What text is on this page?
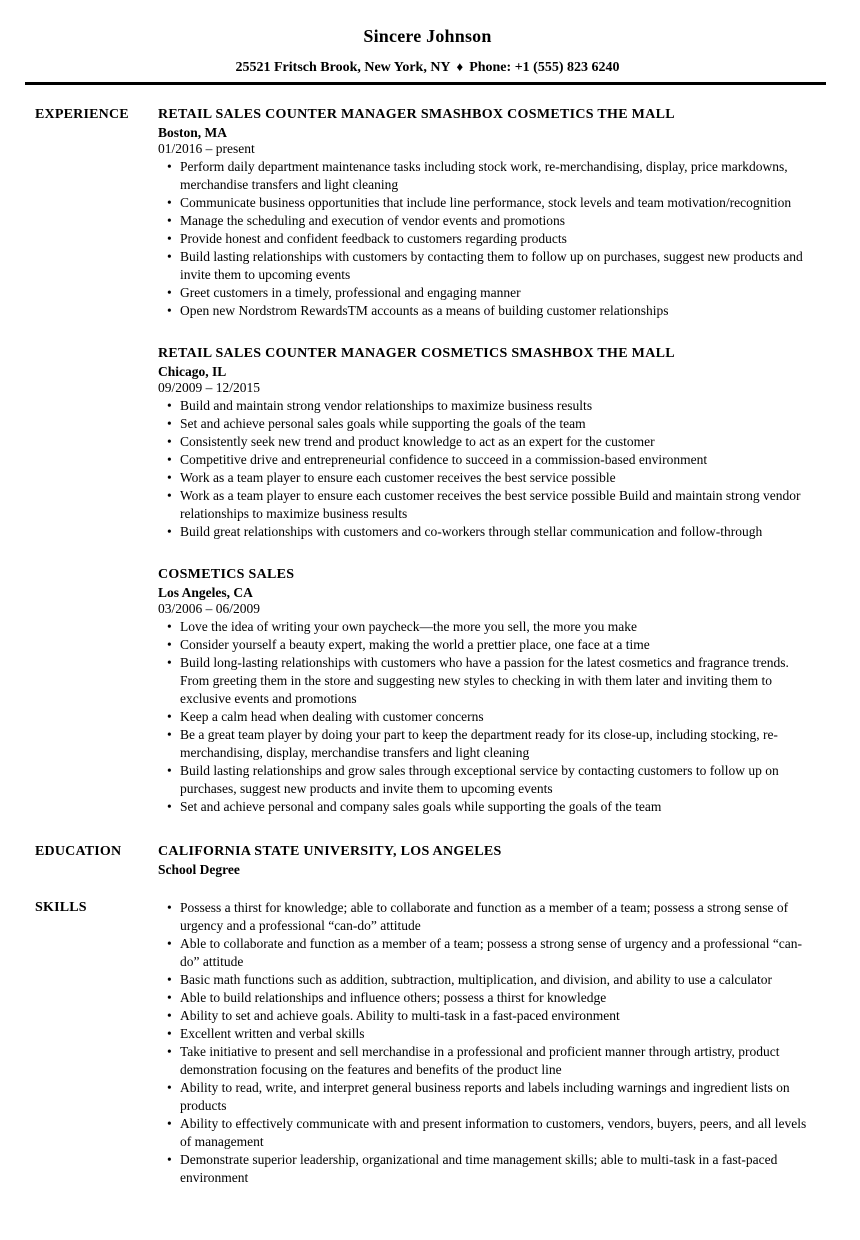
Sincere Johnson
25521 Fritsch Brook, New York, NY ♦ Phone: +1 (555) 823 6240
EXPERIENCE	RETAIL SALES COUNTER MANAGER SMASHBOX COSMETICS THE MALL
Boston, MA
01/2016 – present
• Perform daily department maintenance tasks including stock work, re-merchandising, display, price markdowns, merchandise transfers and light cleaning
• Communicate business opportunities that include line performance, stock levels and team motivation/recognition
• Manage the scheduling and execution of vendor events and promotions
• Provide honest and confident feedback to customers regarding products
• Build lasting relationships with customers by contacting them to follow up on purchases, suggest new products and invite them to upcoming events
• Greet customers in a timely, professional and engaging manner
• Open new Nordstrom RewardsTM accounts as a means of building customer relationships
RETAIL SALES COUNTER MANAGER COSMETICS SMASHBOX THE MALL
Chicago, IL
09/2009 – 12/2015
• Build and maintain strong vendor relationships to maximize business results
• Set and achieve personal sales goals while supporting the goals of the team
• Consistently seek new trend and product knowledge to act as an expert for the customer
• Competitive drive and entrepreneurial confidence to succeed in a commission-based environment
• Work as a team player to ensure each customer receives the best service possible
• Work as a team player to ensure each customer receives the best service possible Build and maintain strong vendor relationships to maximize business results
• Build great relationships with customers and co-workers through stellar communication and follow-through
COSMETICS SALES
Los Angeles, CA
03/2006 – 06/2009
• Love the idea of writing your own paycheck—the more you sell, the more you make
• Consider yourself a beauty expert, making the world a prettier place, one face at a time
• Build long-lasting relationships with customers who have a passion for the latest cosmetics and fragrance trends. From greeting them in the store and suggesting new styles to checking in with them later and inviting them to exclusive events and promotions
• Keep a calm head when dealing with customer concerns
• Be a great team player by doing your part to keep the department ready for its close-up, including stocking, re-merchandising, display, merchandise transfers and light cleaning
• Build lasting relationships and grow sales through exceptional service by contacting customers to follow up on purchases, suggest new products and invite them to upcoming events
• Set and achieve personal and company sales goals while supporting the goals of the team
EDUCATION	CALIFORNIA STATE UNIVERSITY, LOS ANGELES
School Degree
SKILLS	• Possess a thirst for knowledge; able to collaborate and function as a member of a team; possess a strong sense of urgency and a professional “can-do” attitude
• Able to collaborate and function as a member of a team; possess a strong sense of urgency and a professional “can-do” attitude
• Basic math functions such as addition, subtraction, multiplication, and division, and ability to use a calculator
• Able to build relationships and influence others; possess a thirst for knowledge
• Ability to set and achieve goals. Ability to multi-task in a fast-paced environment
• Excellent written and verbal skills
• Take initiative to present and sell merchandise in a professional and proficient manner through artistry, product demonstration focusing on the features and benefits of the product line
• Ability to read, write, and interpret general business reports and labels including warnings and ingredient lists on products
• Ability to effectively communicate with and present information to customers, vendors, buyers, peers, and all levels of management
• Demonstrate superior leadership, organizational and time management skills; able to multi-task in a fast-paced environment
